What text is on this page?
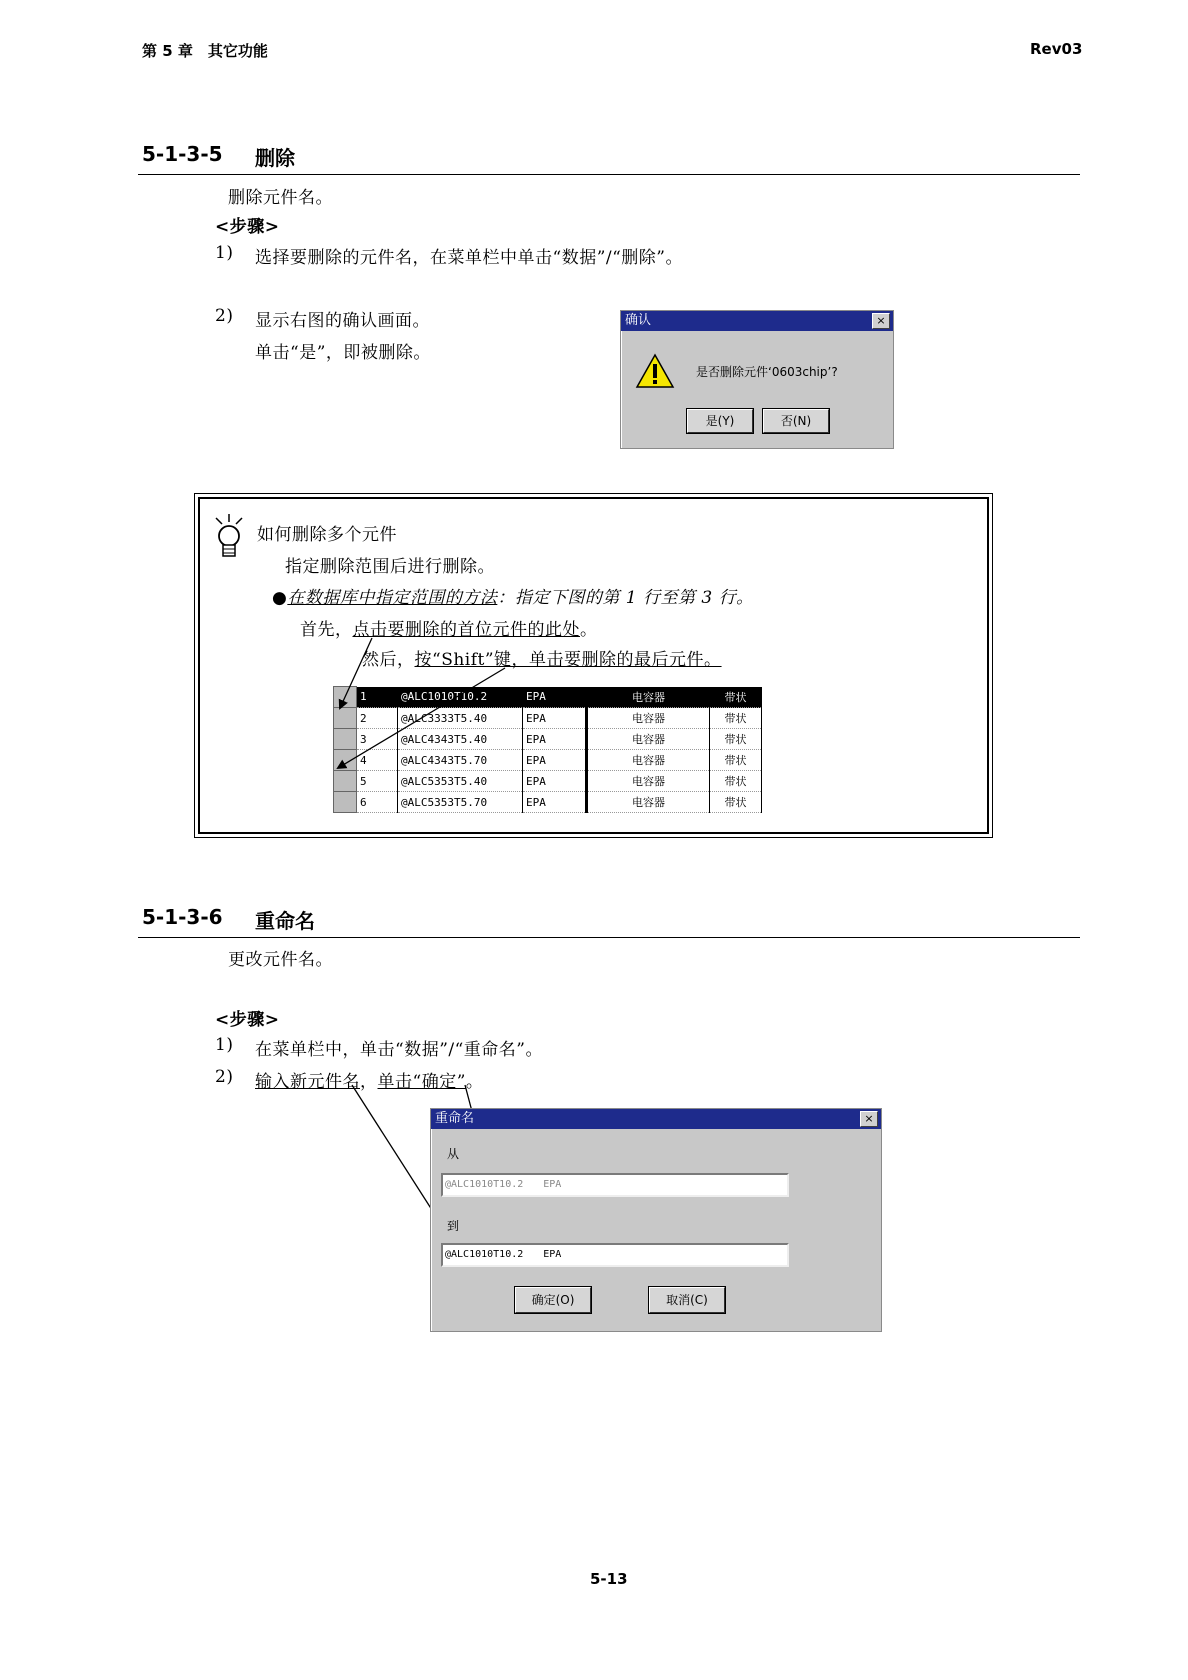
第 5 章　其它功能	Rev03
5-1-3-5 删除
删除元件名。
<步骤>
1) 选择要删除的元件名，在菜单栏中单击“数据”/“删除”。
2) 显示右图的确认画面。
单击“是”，即被删除。
确认	×
是否删除元件‘0603chip’?
是(Y)	否(N)
如何删除多个元件
指定删除范围后进行删除。
●在数据库中指定范围的方法：指定下图的第 1 行至第 3 行。
首先，点击要删除的首位元件的此处。
然后，按“Shift”键，单击要删除的最后元件。
	1	@ALC1010T10.2	EPA	电容器	带状
	2	@ALC3333T5.40	EPA	电容器	带状
	3	@ALC4343T5.40	EPA	电容器	带状
	4	@ALC4343T5.70	EPA	电容器	带状
	5	@ALC5353T5.40	EPA	电容器	带状
	6	@ALC5353T5.70	EPA	电容器	带状
5-1-3-6 重命名
更改元件名。
<步骤>
1) 在菜单栏中，单击“数据”/“重命名”。
2) 输入新元件名，单击“确定”。
重命名	×
从
@ALC1010T10.2　　EPA
到
@ALC1010T10.2　　EPA
确定(O)	取消(C)
5-13
